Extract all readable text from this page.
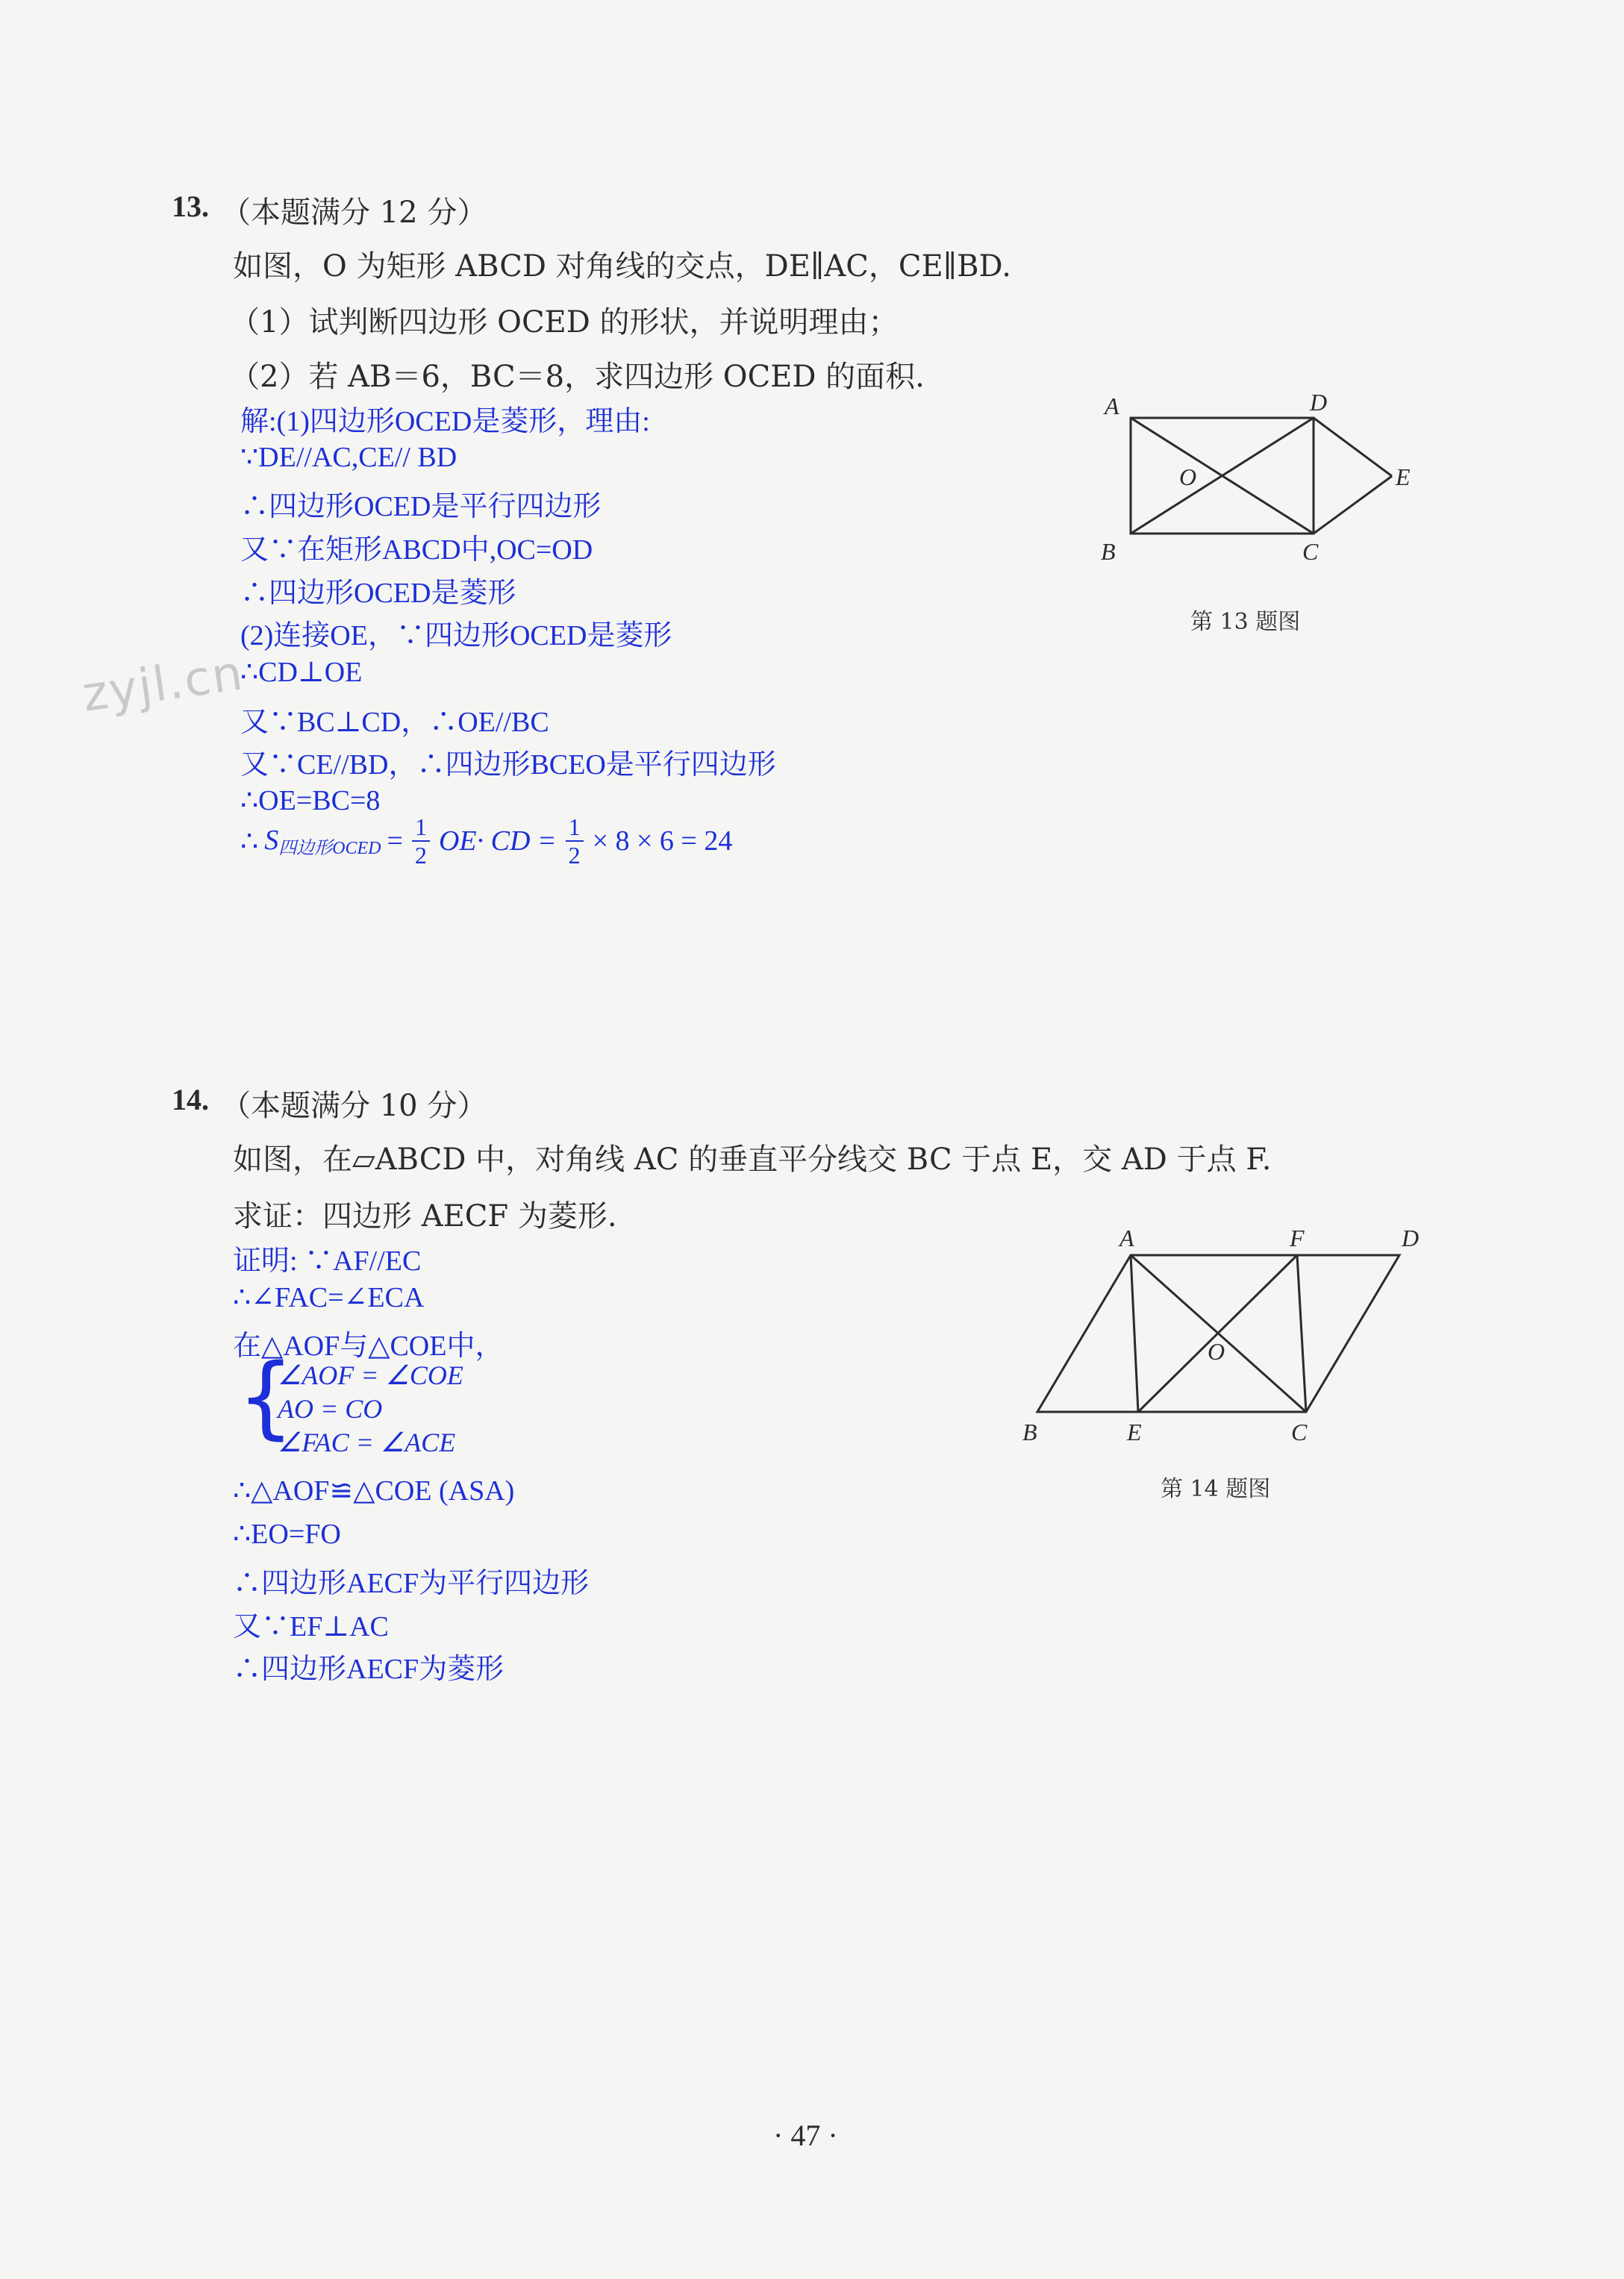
13. （本题满分 12 分）
如图，O 为矩形 ABCD 对角线的交点，DE∥AC，CE∥BD.
（1）试判断四边形 OCED 的形状，并说明理由；
（2）若 AB＝6，BC＝8，求四边形 OCED 的面积.
解:(1)四边形OCED是菱形，理由:
∵DE//AC,CE// BD
∴四边形OCED是平行四边形
又∵在矩形ABCD中,OC=OD
∴四边形OCED是菱形
(2)连接OE，∵四边形OCED是菱形
∴CD⊥OE
又∵BC⊥CD，∴OE//BC
又∵CE//BD，∴四边形BCEO是平行四边形
∴OE=BC=8
∴ $S_{四边形OCED} = \frac{1}{2} OE\cdot$ CD = $\frac{1}{2} \times 8 \times 6 = 24$
A	D
O	E
B	C
第 13 题图
zyjl.cn
14. （本题满分 10 分）
如图，在▱ABCD 中，对角线 AC 的垂直平分线交 BC 于点 E，交 AD 于点 F.
求证：四边形 AECF 为菱形.
证明: ∵AF//EC
∴∠FAC=∠ECA
在△AOF与△COE中，
{
∠AOF = ∠COE
AO = CO
∠FAC = ∠ACE
∴△AOF≌△COE (ASA)
∴EO=FO
∴四边形AECF为平行四边形
又∵EF⊥AC
∴四边形AECF为菱形
A	F	D
O
B	E	C
第 14 题图
· 47 ·
